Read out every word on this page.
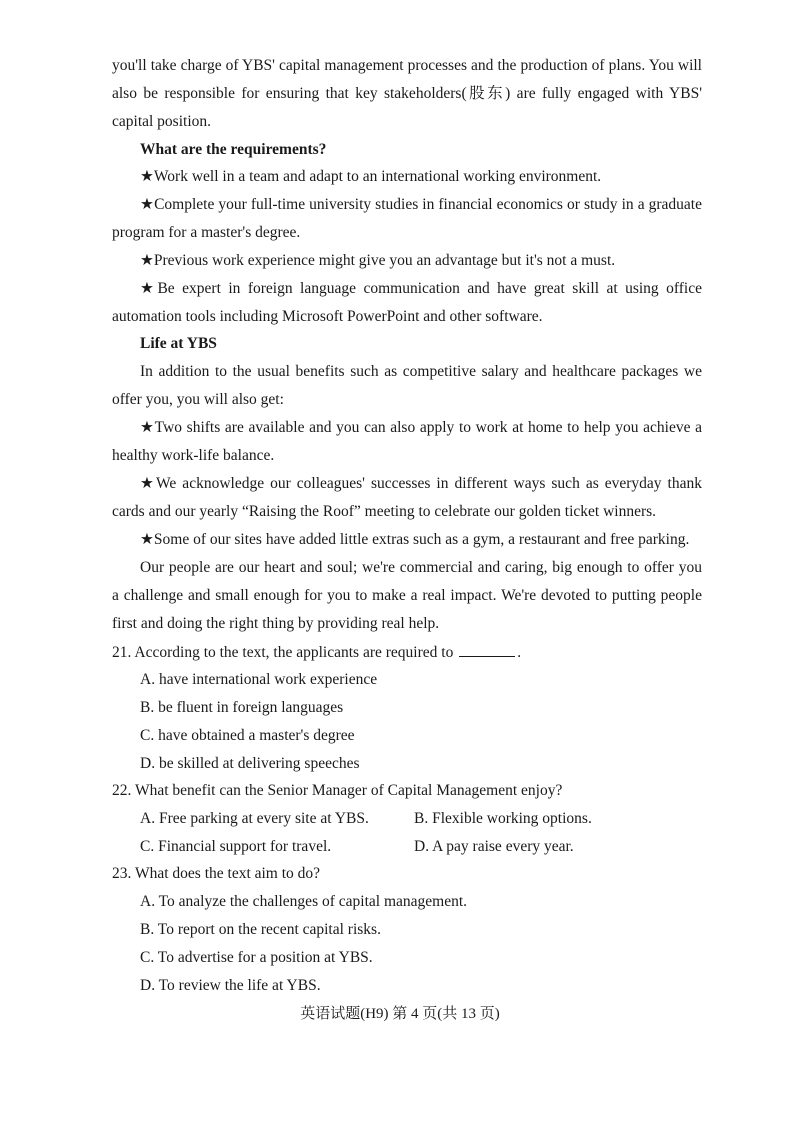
you'll take charge of YBS' capital management processes and the production of plans. You will
also be responsible for ensuring that key stakeholders(股东) are fully engaged with YBS'
capital position.
What are the requirements?
★Work well in a team and adapt to an international working environment.
★Complete your full-time university studies in financial economics or study in a graduate
program for a master's degree.
★Previous work experience might give you an advantage but it's not a must.
★Be expert in foreign language communication and have great skill at using office
automation tools including Microsoft PowerPoint and other software.
Life at YBS
In addition to the usual benefits such as competitive salary and healthcare packages we
offer you, you will also get:
★Two shifts are available and you can also apply to work at home to help you achieve a
healthy work-life balance.
★We acknowledge our colleagues' successes in different ways such as everyday thank
cards and our yearly “Raising the Roof” meeting to celebrate our golden ticket winners.
★Some of our sites have added little extras such as a gym, a restaurant and free parking.
Our people are our heart and soul; we're commercial and caring, big enough to offer you
a challenge and small enough for you to make a real impact. We're devoted to putting people
first and doing the right thing by providing real help.
21. According to the text, the applicants are required to	.
A. have international work experience
B. be fluent in foreign languages
C. have obtained a master's degree
D. be skilled at delivering speeches
22. What benefit can the Senior Manager of Capital Management enjoy?
A. Free parking at every site at YBS.	B. Flexible working options.
C. Financial support for travel.	D. A pay raise every year.
23. What does the text aim to do?
A. To analyze the challenges of capital management.
B. To report on the recent capital risks.
C. To advertise for a position at YBS.
D. To review the life at YBS.
英语试题(H9) 第 4 页(共 13 页)
